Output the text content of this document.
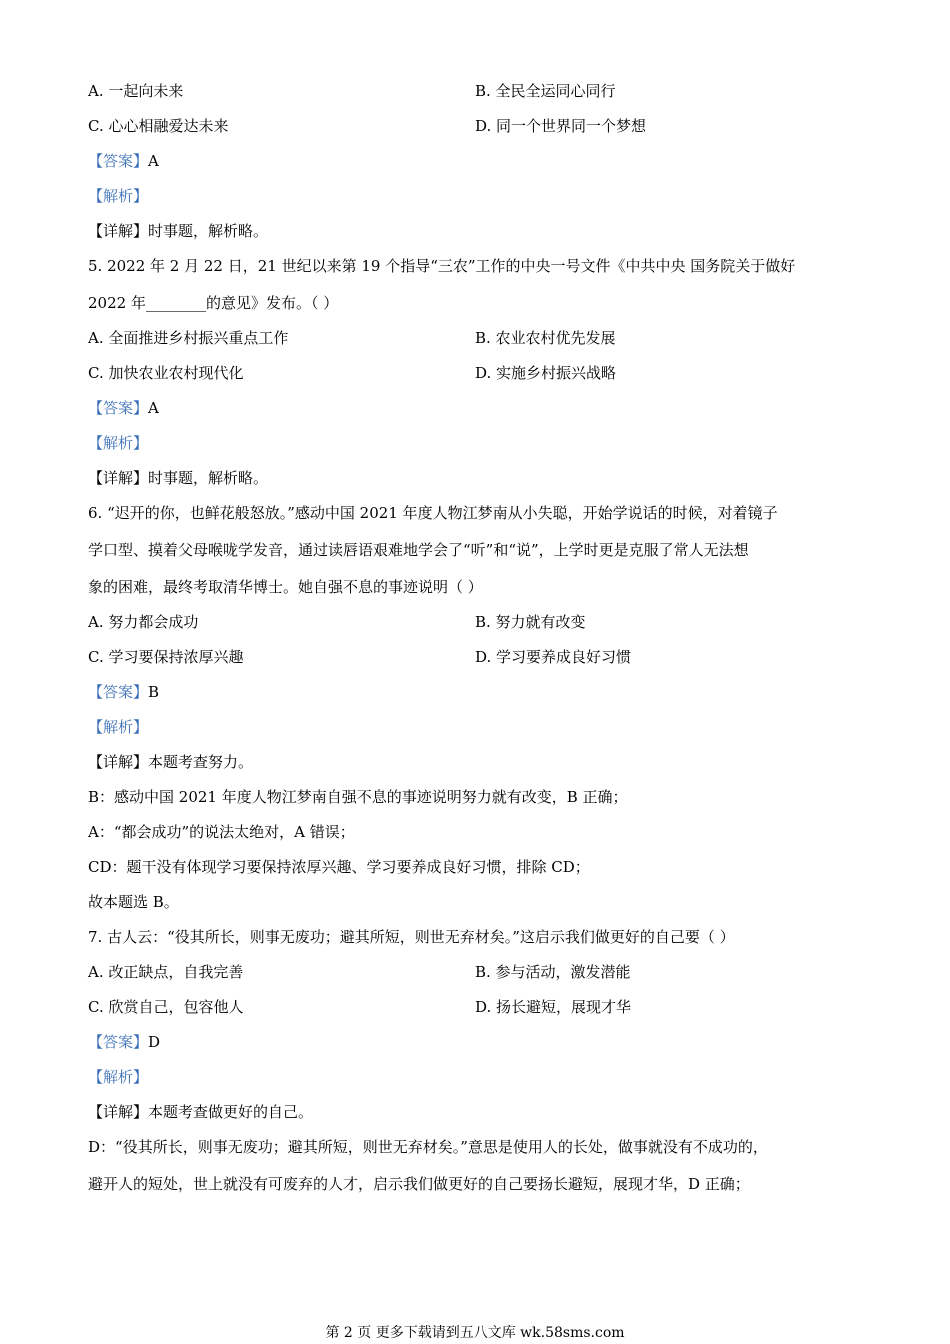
A. 一起向未来	B. 全民全运同心同行
C. 心心相融爱达未来	D. 同一个世界同一个梦想
【答案】A
【解析】
【详解】时事题，解析略。
5. 2022 年 2 月 22 日，21 世纪以来第 19 个指导“三农”工作的中央一号文件《中共中央 国务院关于做好
2022 年________的意见》发布。（ ）
A. 全面推进乡村振兴重点工作	B. 农业农村优先发展
C. 加快农业农村现代化	D. 实施乡村振兴战略
【答案】A
【解析】
【详解】时事题，解析略。
6. “迟开的你，也鲜花般怒放。”感动中国 2021 年度人物江梦南从小失聪，开始学说话的时候，对着镜子
学口型、摸着父母喉咙学发音，通过读唇语艰难地学会了“听”和“说”，上学时更是克服了常人无法想
象的困难，最终考取清华博士。她自强不息的事迹说明（ ）
A. 努力都会成功	B. 努力就有改变
C. 学习要保持浓厚兴趣	D. 学习要养成良好习惯
【答案】B
【解析】
【详解】本题考查努力。
B：感动中国 2021 年度人物江梦南自强不息的事迹说明努力就有改变，B 正确；
A：“都会成功”的说法太绝对，A 错误；
CD：题干没有体现学习要保持浓厚兴趣、学习要养成良好习惯，排除 CD；
故本题选 B。
7. 古人云：“役其所长，则事无废功；避其所短，则世无弃材矣。”这启示我们做更好的自己要（ ）
A. 改正缺点，自我完善	B. 参与活动，激发潜能
C. 欣赏自己，包容他人	D. 扬长避短，展现才华
【答案】D
【解析】
【详解】本题考查做更好的自己。
D：“役其所长，则事无废功；避其所短，则世无弃材矣。”意思是使用人的长处，做事就没有不成功的，
避开人的短处，世上就没有可废弃的人才，启示我们做更好的自己要扬长避短，展现才华，D 正确；
第 2 页 更多下载请到五八文库 wk.58sms.com
